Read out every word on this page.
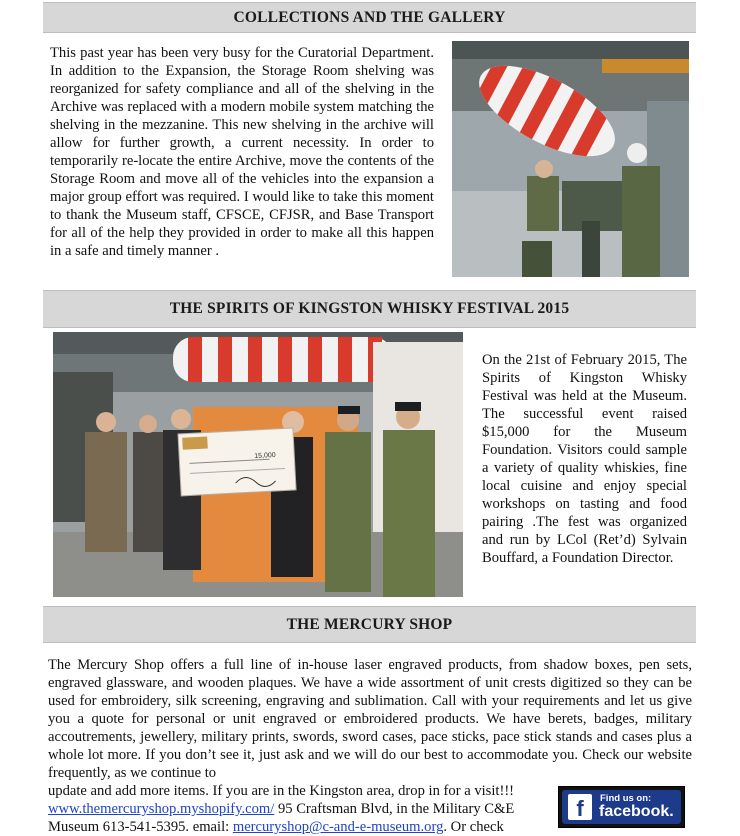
COLLECTIONS AND THE GALLERY
This past year has been very busy for the Curatorial Department. In addition to the Expansion, the Storage Room shelving was reorganized for safety compliance and all of the shelving in the Archive was replaced with a modern mobile system matching the shelving in the mezzanine. This new shelving in the archive will allow for further growth, a current necessity. In order to temporarily re-locate the entire Archive, move the contents of the Storage Room and move all of the vehicles into the expansion a major group effort was required. I would like to take this moment to thank the Museum staff, CFSCE, CFJSR, and Base Transport for all of the help they provided in order to make all this happen in a safe and timely manner .
THE SPIRITS OF KINGSTON WHISKY FESTIVAL 2015
15,000
On the 21st of February 2015, The Spirits of Kingston Whisky Festival was held at the Museum. The successful event raised $15,000 for the Museum Foundation. Visitors could sample a variety of quality whiskies, fine local cuisine and enjoy special workshops on tasting and food pairing .The fest was organized and run by LCol (Ret’d) Sylvain Bouffard, a Foundation Director.
THE MERCURY SHOP
The Mercury Shop offers a full line of in-house laser engraved products, from shadow boxes, pen sets, engraved glassware, and wooden plaques. We have a wide assortment of unit crests digitized so they can be used for embroidery, silk screening, engraving and sublimation. Call with your requirements and let us give you a quote for personal or unit engraved or embroidered products. We have berets, badges, military accoutrements, jewellery, military prints, swords, sword cases, pace sticks, pace stick stands and cases plus a whole lot more. If you don’t see it, just ask and we will do our best to accommodate you. Check our website frequently, as we continue to
update and add more items. If you are in the Kingston area, drop in for a visit!!!
www.themercuryshop.myshopify.com/ 95 Craftsman Blvd, in the Military C&E
Museum 613-541-5395. email: mercuryshop@c-and-e-museum.org. Or check
f	Find us on:
facebook.
